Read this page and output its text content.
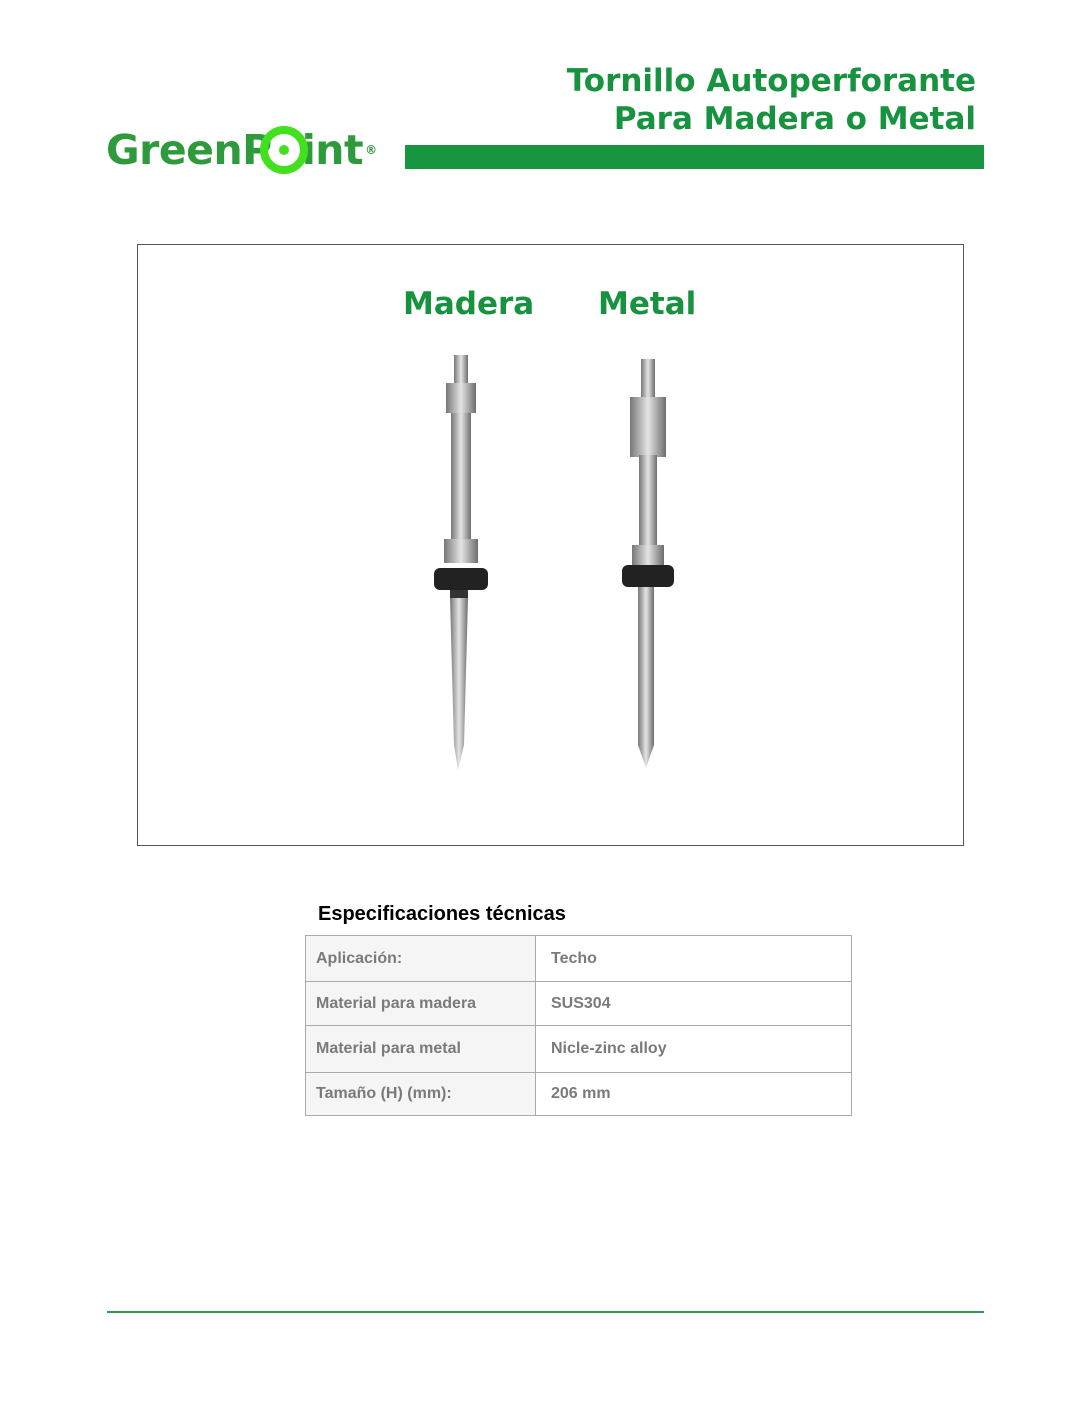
Tornillo Autoperforante
Para Madera o Metal
GreenP int ®
Madera Metal
Especificaciones técnicas
Aplicación:	Techo
Material para madera	SUS304
Material para metal	Nicle-zinc alloy
Tamaño (H) (mm):	206 mm
